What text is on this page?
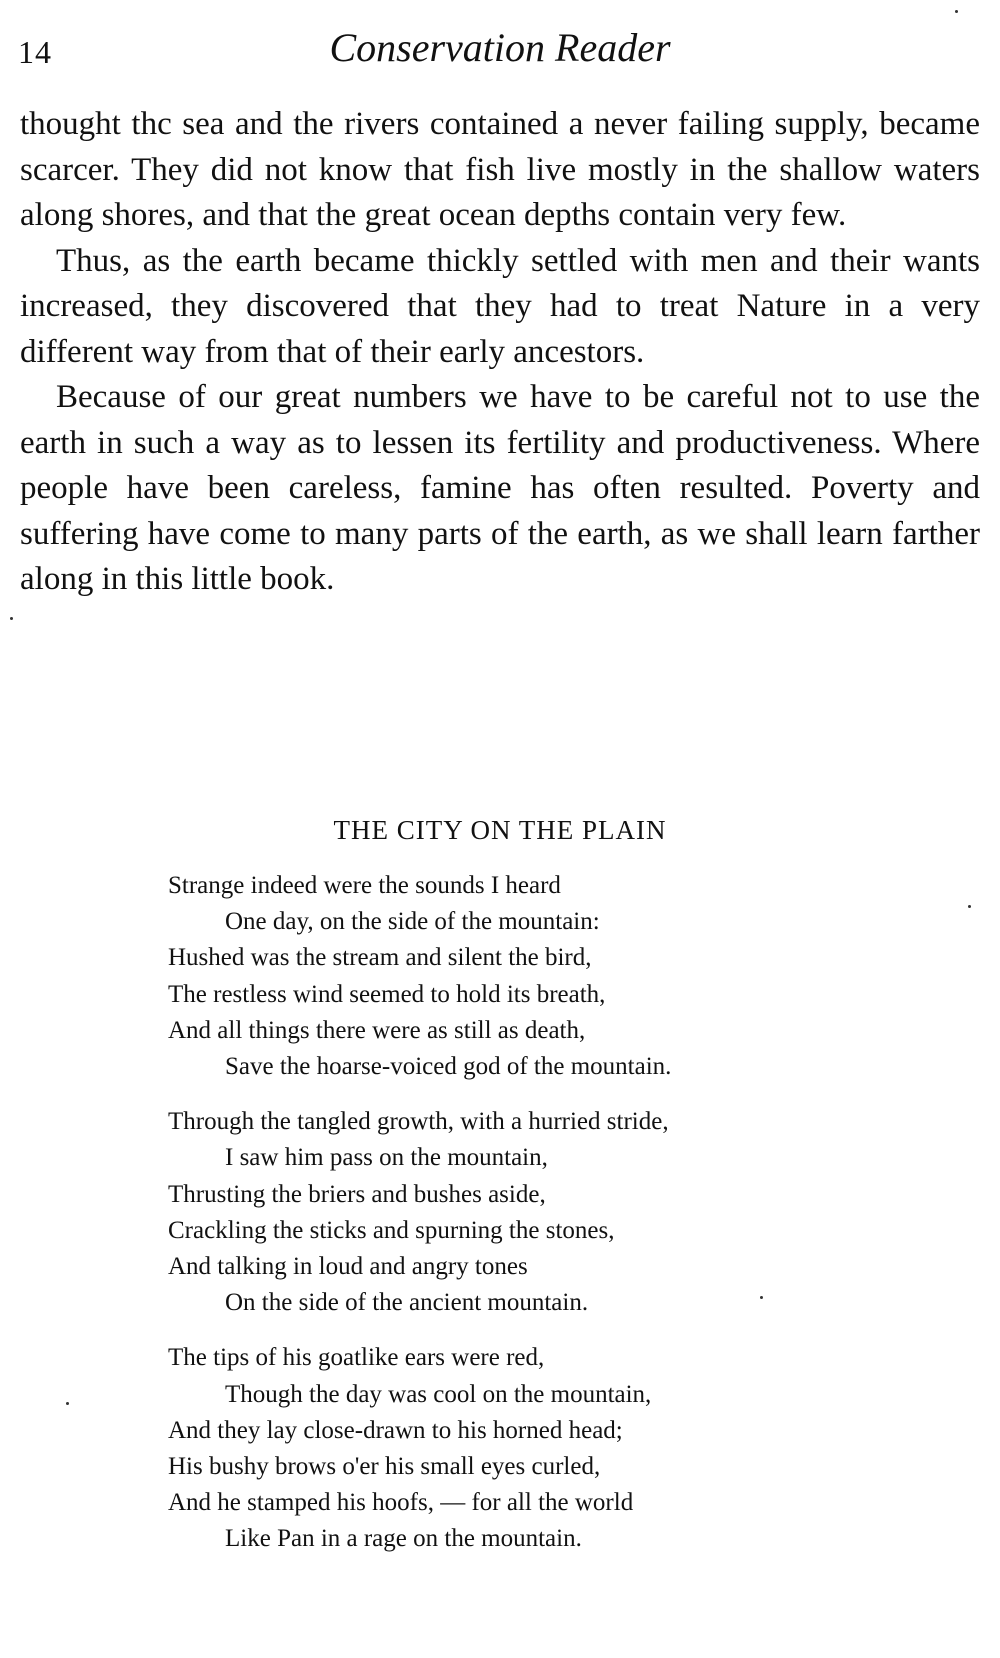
14	Conservation Reader

thought thc sea and the rivers contained a never failing supply, became scarcer. They did not know that fish live mostly in the shallow waters along shores, and that the great ocean depths contain very few.

Thus, as the earth became thickly settled with men and their wants increased, they discovered that they had to treat Nature in a very different way from that of their early ancestors.

Because of our great numbers we have to be careful not to use the earth in such a way as to lessen its fertility and productiveness. Where people have been careless, famine has often resulted. Poverty and suffering have come to many parts of the earth, as we shall learn farther along in this little book.

THE CITY ON THE PLAIN
Strange indeed were the sounds I heard
One day, on the side of the mountain:
Hushed was the stream and silent the bird,
The restless wind seemed to hold its breath,
And all things there were as still as death,
Save the hoarse-voiced god of the mountain.
Through the tangled growth, with a hurried stride,
I saw him pass on the mountain,
Thrusting the briers and bushes aside,
Crackling the sticks and spurning the stones,
And talking in loud and angry tones
On the side of the ancient mountain.
The tips of his goatlike ears were red,
Though the day was cool on the mountain,
And they lay close-drawn to his horned head;
His bushy brows o'er his small eyes curled,
And he stamped his hoofs, — for all the world
Like Pan in a rage on the mountain.
